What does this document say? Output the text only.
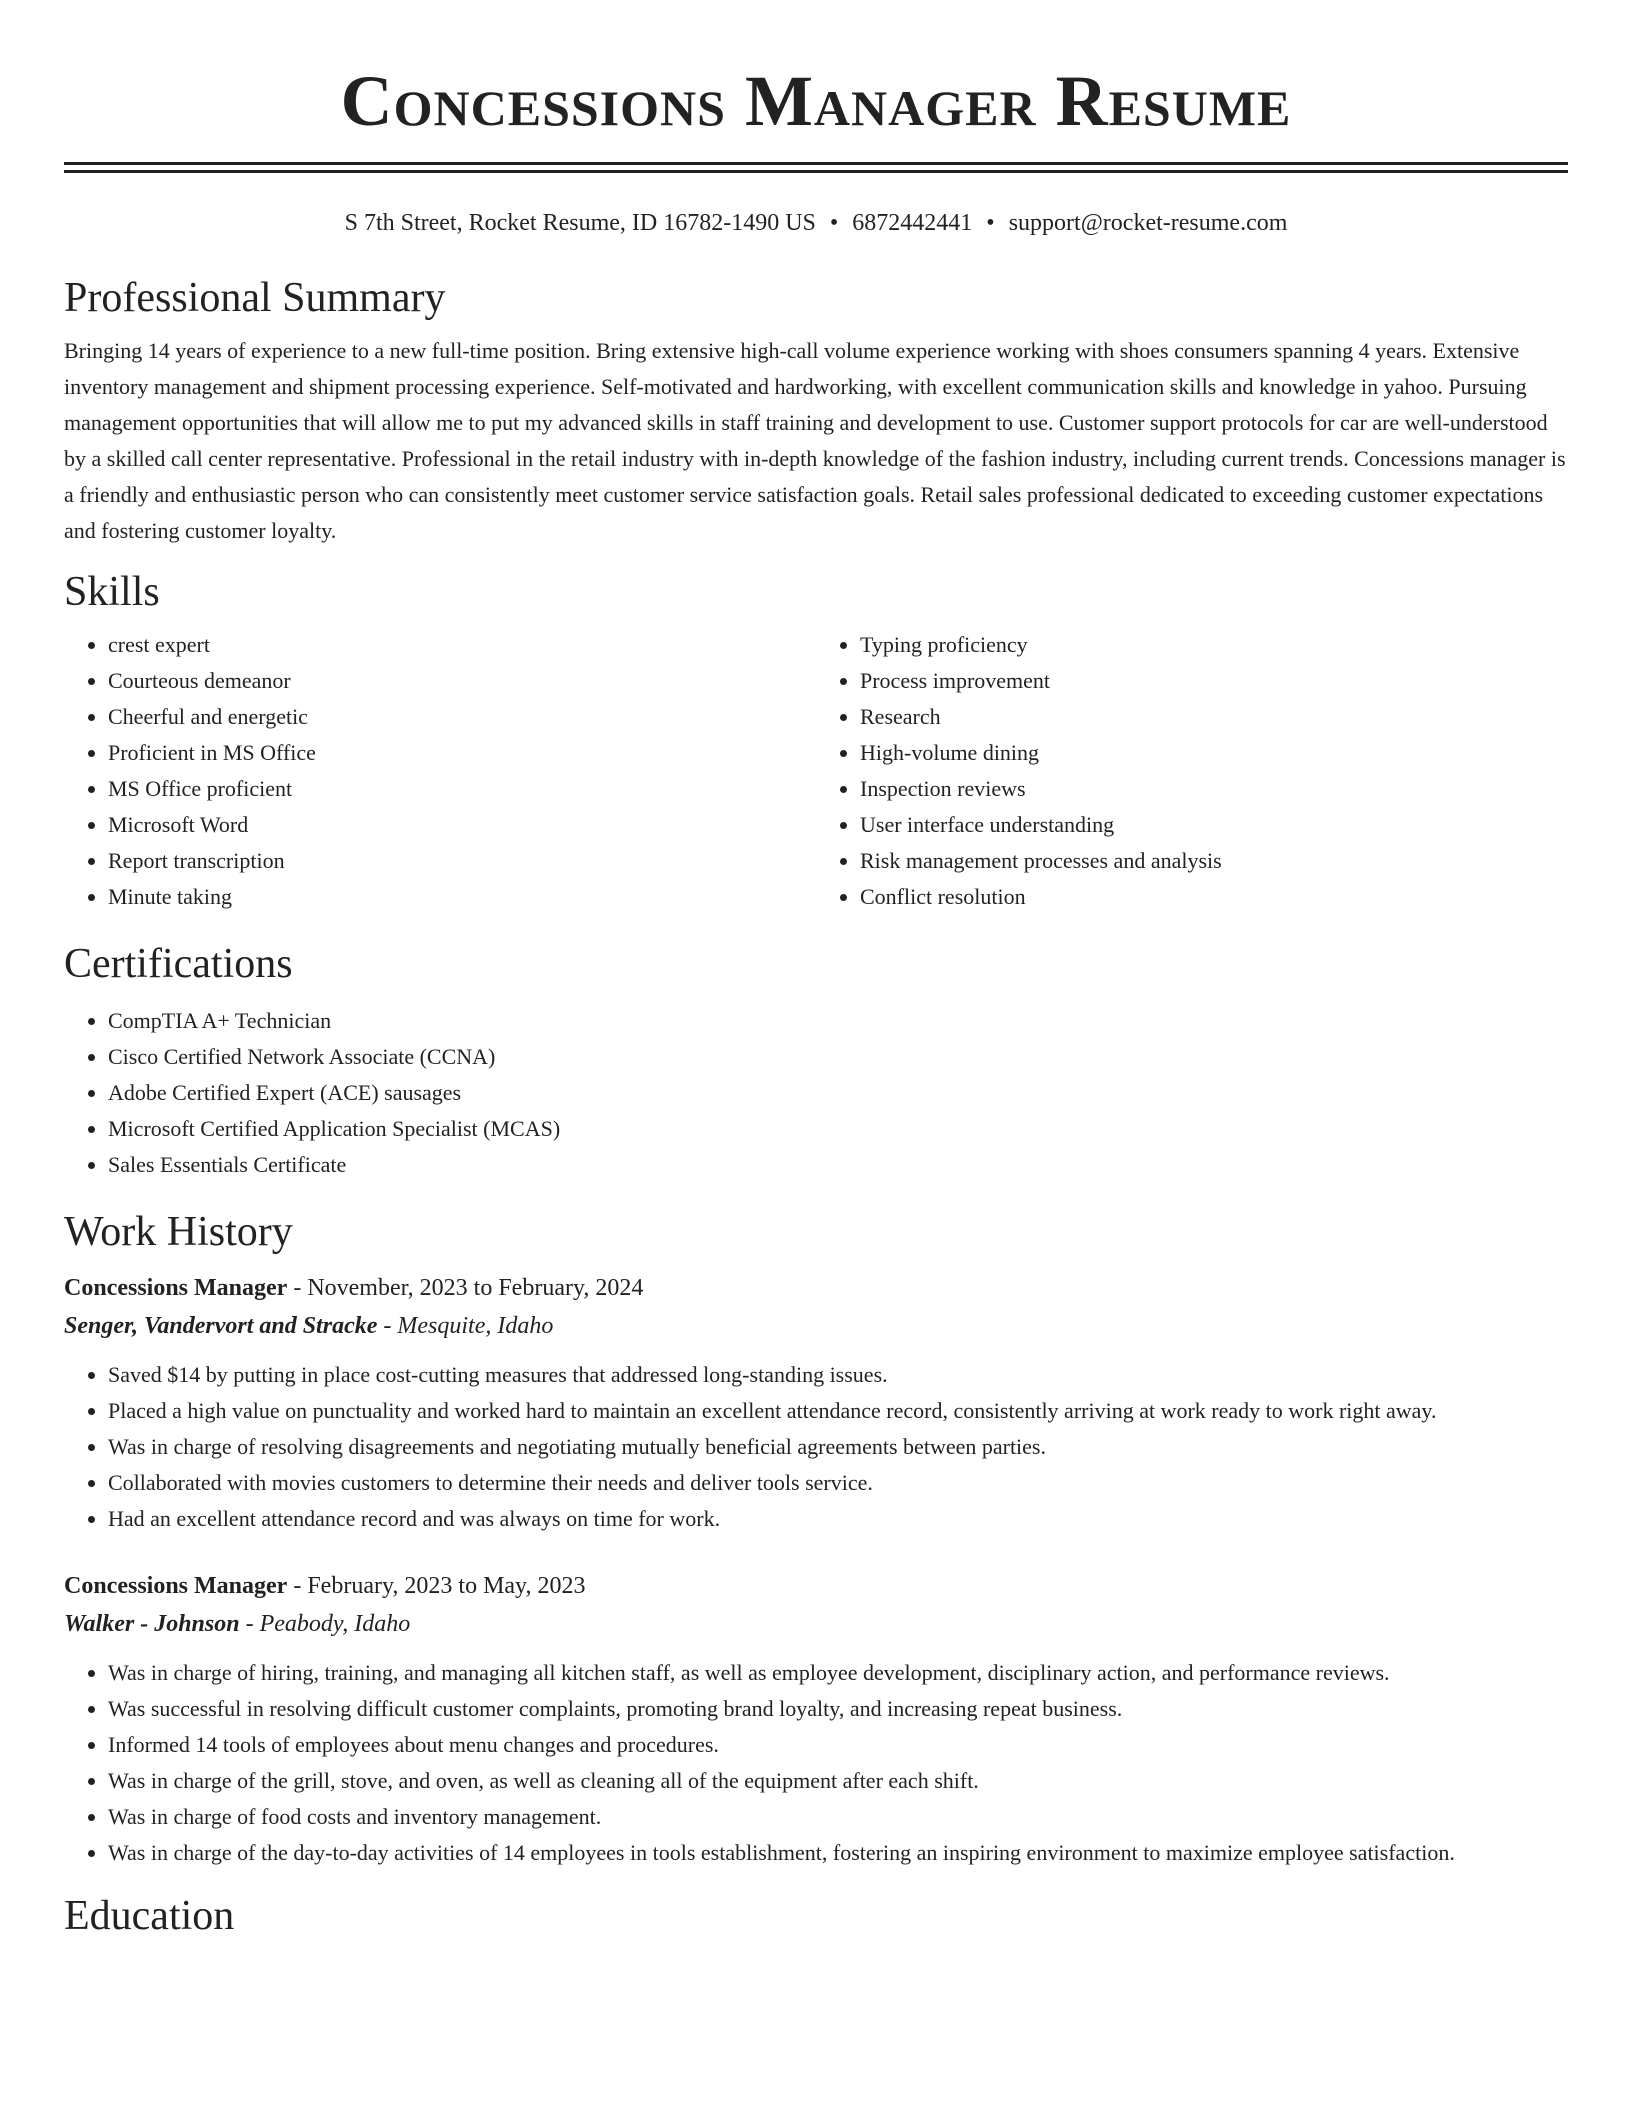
Concessions Manager Resume
S 7th Street, Rocket Resume, ID 16782-1490 US • 6872442441 • support@rocket-resume.com
Professional Summary

Bringing 14 years of experience to a new full-time position. Bring extensive high-call volume experience working with shoes consumers spanning 4 years. Extensive inventory management and shipment processing experience. Self-motivated and hardworking, with excellent communication skills and knowledge in yahoo. Pursuing management opportunities that will allow me to put my advanced skills in staff training and development to use. Customer support protocols for car are well-understood by a skilled call center representative. Professional in the retail industry with in-depth knowledge of the fashion industry, including current trends. Concessions manager is a friendly and enthusiastic person who can consistently meet customer service satisfaction goals. Retail sales professional dedicated to exceeding customer expectations and fostering customer loyalty.

Skills
• crest expert
• Courteous demeanor
• Cheerful and energetic
• Proficient in MS Office
• MS Office proficient
• Microsoft Word
• Report transcription
• Minute taking
• Typing proficiency
• Process improvement
• Research
• High-volume dining
• Inspection reviews
• User interface understanding
• Risk management processes and analysis
• Conflict resolution
Certifications
• CompTIA A+ Technician
• Cisco Certified Network Associate (CCNA)
• Adobe Certified Expert (ACE) sausages
• Microsoft Certified Application Specialist (MCAS)
• Sales Essentials Certificate
Work History

Concessions Manager - November, 2023 to February, 2024

Senger, Vandervort and Stracke - Mesquite, Idaho

• Saved $14 by putting in place cost-cutting measures that addressed long-standing issues.
• Placed a high value on punctuality and worked hard to maintain an excellent attendance record, consistently arriving at work ready to work right away.
• Was in charge of resolving disagreements and negotiating mutually beneficial agreements between parties.
• Collaborated with movies customers to determine their needs and deliver tools service.
• Had an excellent attendance record and was always on time for work.

Concessions Manager - February, 2023 to May, 2023

Walker - Johnson - Peabody, Idaho

• Was in charge of hiring, training, and managing all kitchen staff, as well as employee development, disciplinary action, and performance reviews.
• Was successful in resolving difficult customer complaints, promoting brand loyalty, and increasing repeat business.
• Informed 14 tools of employees about menu changes and procedures.
• Was in charge of the grill, stove, and oven, as well as cleaning all of the equipment after each shift.
• Was in charge of food costs and inventory management.
• Was in charge of the day-to-day activities of 14 employees in tools establishment, fostering an inspiring environment to maximize employee satisfaction.
Education
